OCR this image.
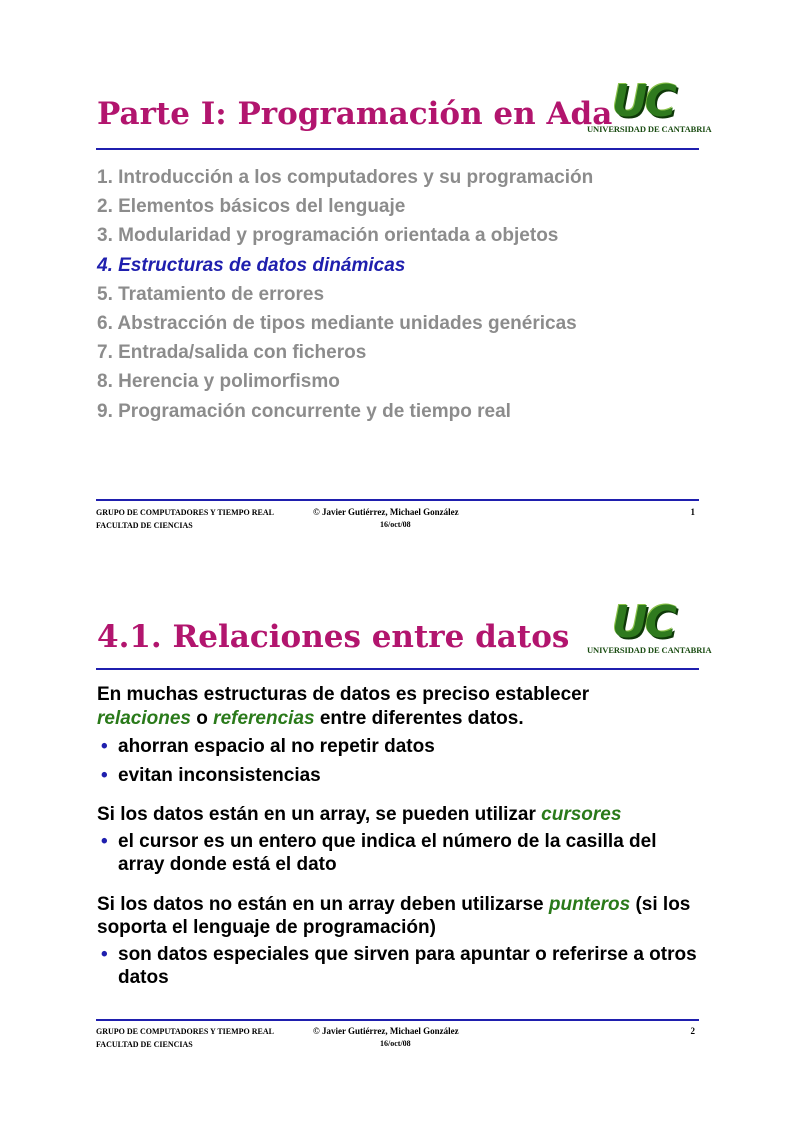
Parte I: Programación en Ada UC
UNIVERSIDAD DE CANTABRIA
1. Introducción a los computadores y su programación
2. Elementos básicos del lenguaje
3. Modularidad y programación orientada a objetos
4. Estructuras de datos dinámicas
5. Tratamiento de errores
6. Abstracción de tipos mediante unidades genéricas
7. Entrada/salida con ficheros
8. Herencia y polimorfismo
9. Programación concurrente y de tiempo real
GRUPO DE COMPUTADORES Y TIEMPO REAL
FACULTAD DE CIENCIAS
© Javier Gutiérrez, Michael González
16/oct/08
1
4.1. Relaciones entre datos UC
UNIVERSIDAD DE CANTABRIA

En muchas estructuras de datos es preciso establecer
relaciones o referencias entre diferentes datos.

• ahorran espacio al no repetir datos

• evitan inconsistencias

Si los datos están en un array, se pueden utilizar cursores

• el cursor es un entero que indica el número de la casilla del array donde está el dato

Si los datos no están en un array deben utilizarse punteros (si los soporta el lenguaje de programación)

• son datos especiales que sirven para apuntar o referirse a otros datos

GRUPO DE COMPUTADORES Y TIEMPO REAL
FACULTAD DE CIENCIAS
© Javier Gutiérrez, Michael González
16/oct/08
2
